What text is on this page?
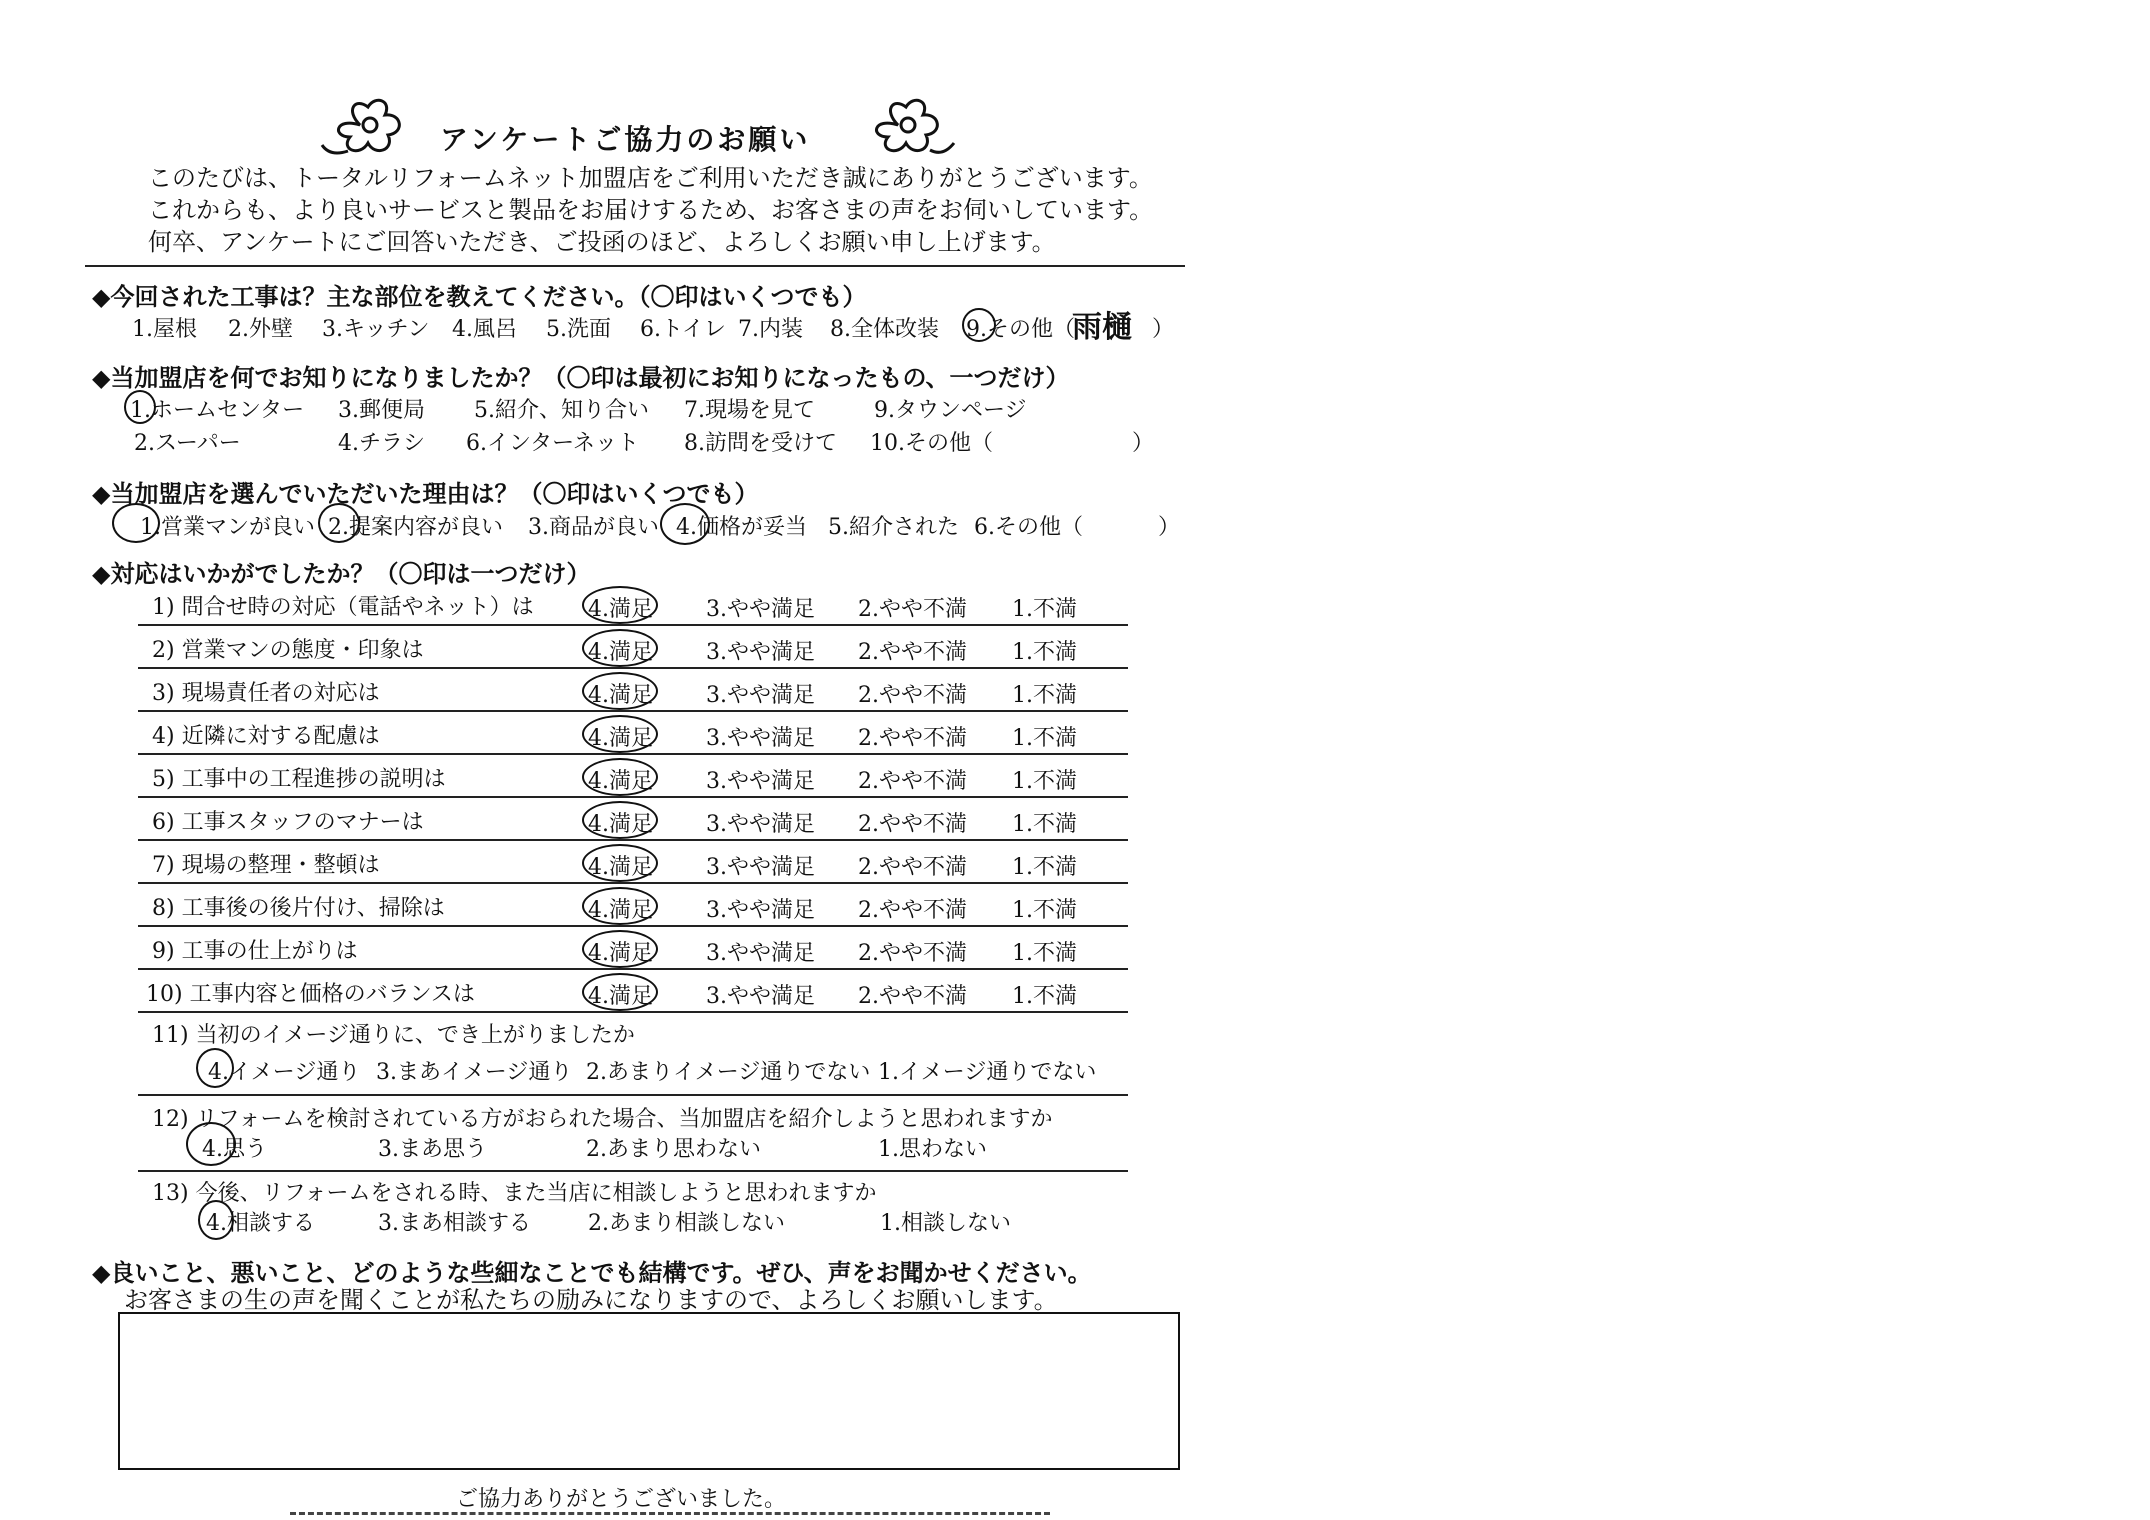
アンケートご協力のお願い
このたびは、トータルリフォームネット加盟店をご利用いただき誠にありがとうございます。
これからも、より良いサービスと製品をお届けするため、お客さまの声をお伺いしています。
何卒、アンケートにご回答いただき、ご投函のほど、よろしくお願い申し上げます。
◆今回された工事は？主な部位を教えてください。（〇印はいくつでも）
1.屋根 2.外壁 3.キッチン 4.風呂 5.洗面 6.トイレ 7.内装 8.全体改装 9.その他（
雨樋 ）
◆当加盟店を何でお知りになりましたか？（〇印は最初にお知りになったもの、一つだけ）
1.ホームセンター 3.郵便局 5.紹介、知り合い 7.現場を見て	9.タウンページ
2.スーパー	4.チラシ 6.インターネット 8.訪問を受けて 10.その他（	）
◆当加盟店を選んでいただいた理由は？（〇印はいくつでも）
1.営業マンが良い 2.提案内容が良い 3.商品が良い 4.価格が妥当 5.紹介された 6.その他（	）
◆対応はいかがでしたか？（〇印は一つだけ）
1) 問合せ時の対応（電話やネット）は 4.満足 3.やや満足 2.やや不満 1.不満
2) 営業マンの態度・印象は	4.満足 3.やや満足 2.やや不満 1.不満
3) 現場責任者の対応は	4.満足 3.やや満足 2.やや不満 1.不満
4) 近隣に対する配慮は	4.満足 3.やや満足 2.やや不満 1.不満
5) 工事中の工程進捗の説明は	4.満足 3.やや満足 2.やや不満 1.不満
6) 工事スタッフのマナーは	4.満足 3.やや満足 2.やや不満 1.不満
7) 現場の整理・整頓は	4.満足 3.やや満足 2.やや不満 1.不満
8) 工事後の後片付け、掃除は	4.満足 3.やや満足 2.やや不満 1.不満
9) 工事の仕上がりは	4.満足 3.やや満足 2.やや不満 1.不満
10) 工事内容と価格のバランスは	4.満足 3.やや満足 2.やや不満 1.不満
11) 当初のイメージ通りに、でき上がりましたか
4.イメージ通り 3.まあイメージ通り 2.あまりイメージ通りでない 1.イメージ通りでない
12) リフォームを検討されている方がおられた場合、当加盟店を紹介しようと思われますか
4.思う	3.まあ思う	2.あまり思わない	1.思わない
13) 今後、リフォームをされる時、また当店に相談しようと思われますか
4.相談する	3.まあ相談する	2.あまり相談しない	1.相談しない
◆良いこと、悪いこと、どのような些細なことでも結構です。ぜひ、声をお聞かせください。
お客さまの生の声を聞くことが私たちの励みになりますので、よろしくお願いします。
ご協力ありがとうございました。
